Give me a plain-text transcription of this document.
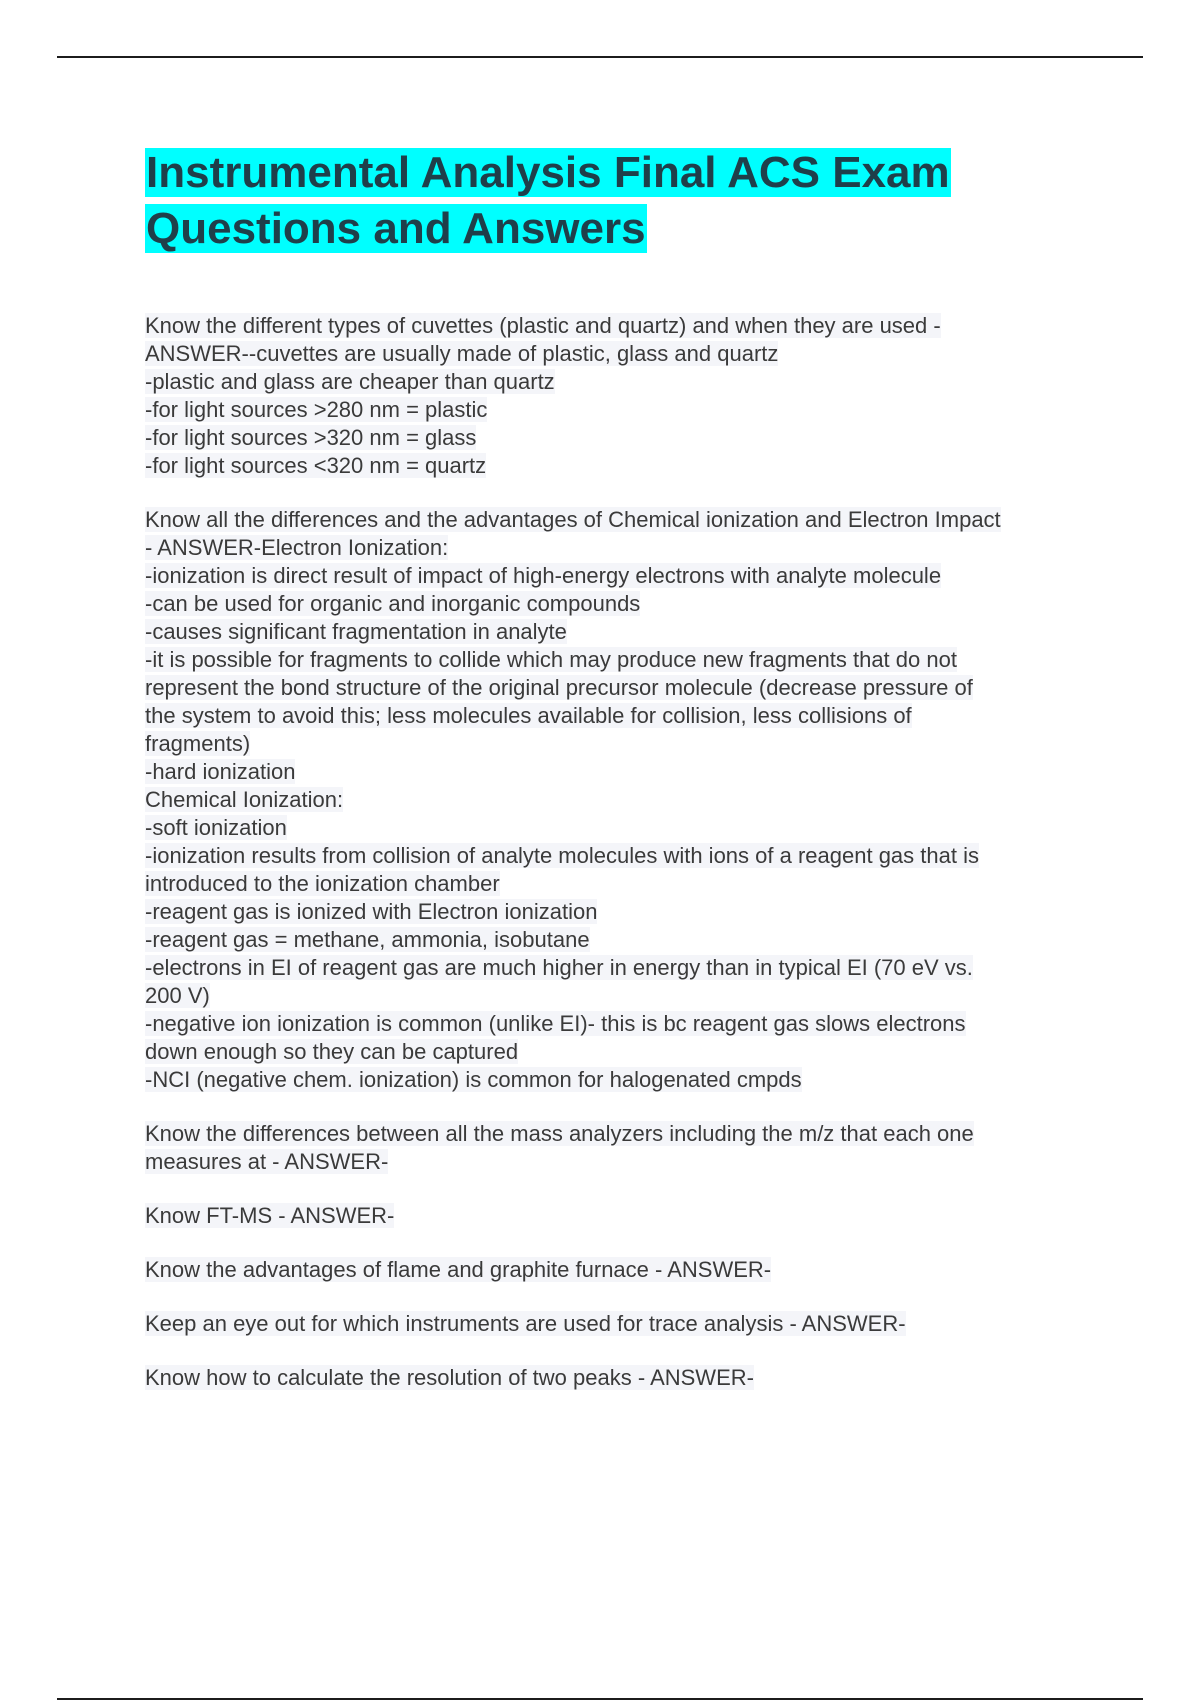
Instrumental Analysis Final ACS Exam
Questions and Answers
Know the different types of cuvettes (plastic and quartz) and when they are used -
ANSWER--cuvettes are usually made of plastic, glass and quartz
-plastic and glass are cheaper than quartz
-for light sources >280 nm = plastic
-for light sources >320 nm = glass
-for light sources <320 nm = quartz
Know all the differences and the advantages of Chemical ionization and Electron Impact
- ANSWER-Electron Ionization:
-ionization is direct result of impact of high-energy electrons with analyte molecule
-can be used for organic and inorganic compounds
-causes significant fragmentation in analyte
-it is possible for fragments to collide which may produce new fragments that do not
represent the bond structure of the original precursor molecule (decrease pressure of
the system to avoid this; less molecules available for collision, less collisions of
fragments)
-hard ionization
Chemical Ionization:
-soft ionization
-ionization results from collision of analyte molecules with ions of a reagent gas that is
introduced to the ionization chamber
-reagent gas is ionized with Electron ionization
-reagent gas = methane, ammonia, isobutane
-electrons in EI of reagent gas are much higher in energy than in typical EI (70 eV vs.
200 V)
-negative ion ionization is common (unlike EI)- this is bc reagent gas slows electrons
down enough so they can be captured
-NCI (negative chem. ionization) is common for halogenated cmpds
Know the differences between all the mass analyzers including the m/z that each one
measures at - ANSWER-
Know FT-MS - ANSWER-
Know the advantages of flame and graphite furnace - ANSWER-
Keep an eye out for which instruments are used for trace analysis - ANSWER-
Know how to calculate the resolution of two peaks - ANSWER-
